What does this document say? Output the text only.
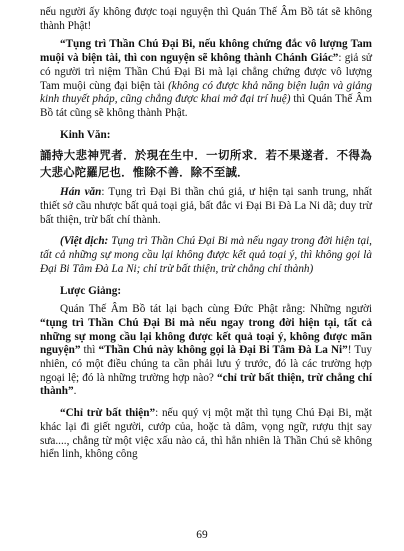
nếu người ấy không được toại nguyện thì Quán Thế Âm Bồ tát sẽ không thành Phật!

“Tụng trì Thần Chú Đại Bi, nếu không chứng đắc vô lượng Tam muội và biện tài, thì con nguyện sẽ không thành Chánh Giác”: giả sử có người trì niệm Thần Chú Đại Bi mà lại chẳng chứng được vô lượng Tam muội cùng đại biện tài (không có được khả năng biện luận và giảng kinh thuyết pháp, cũng chẳng được khai mở đại trí huệ) thì Quán Thế Âm Bồ tát cũng sẽ không thành Phật.

Kinh Văn:

誦持大悲神咒者．於現在生中．一切所求．若不果遂者．不得為大悲心陀羅尼也．惟除不善．除不至誠．

Hán văn: Tụng trì Đại Bi thần chú giả, ư hiện tại sanh trung, nhất thiết sở cầu nhược bất quả toại giả, bất đắc vi Đại Bi Đà La Ni dã; duy trừ bất thiện, trừ bất chí thành.

(Việt dịch: Tụng trì Thần Chú Đại Bi mà nếu ngay trong đời hiện tại, tất cả những sự mong cầu lại không được kết quả toại ý, thì không gọi là Đại Bi Tâm Đà La Ni; chỉ trừ bất thiện, trừ chẳng chí thành)

Lược Giảng:

Quán Thế Âm Bồ tát lại bạch cùng Đức Phật rằng: Những người “tụng trì Thần Chú Đại Bi mà nếu ngay trong đời hiện tại, tất cả những sự mong cầu lại không được kết quả toại ý, không được mãn nguyện” thì “Thần Chú này không gọi là Đại Bi Tâm Đà La Ni”! Tuy nhiên, có một điều chúng ta cần phải lưu ý trước, đó là các trường hợp ngoại lệ; đó là những trường hợp nào? “chỉ trừ bất thiện, trừ chẳng chí thành”.

“Chỉ trừ bất thiện”: nếu quý vị một mặt thì tụng Chú Đại Bi, mặt khác lại đi giết người, cướp của, hoặc tà dâm, vọng ngữ, rượu thịt say sưa...., chẳng từ một việc xấu nào cả, thì hẳn nhiên là Thần Chú sẽ không hiển linh, không công

69
